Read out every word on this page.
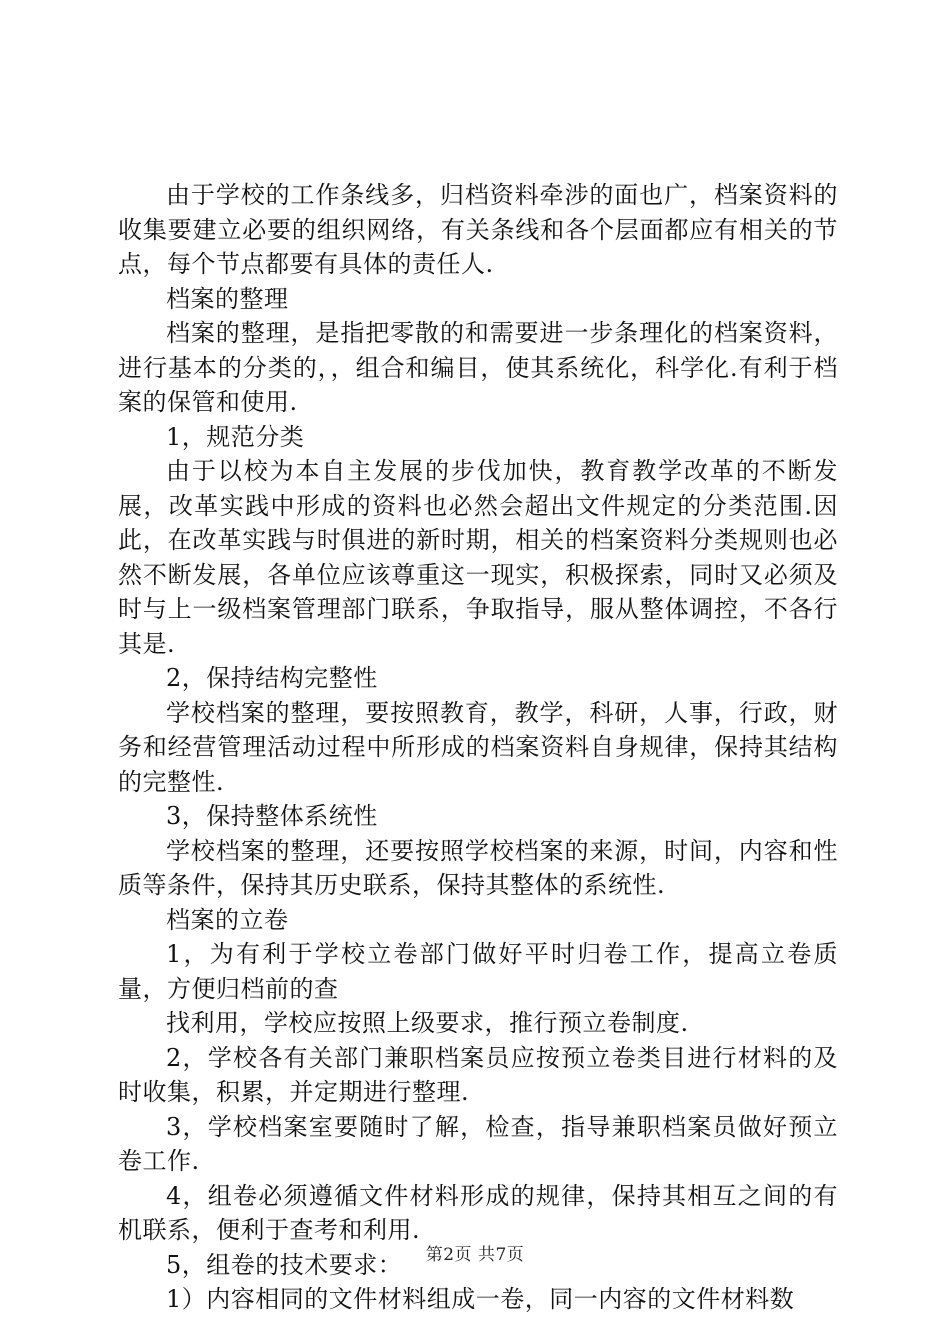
由于学校的工作条线多，归档资料牵涉的面也广，档案资料的收集要建立必要的组织网络，有关条线和各个层面都应有相关的节点，每个节点都要有具体的责任人.

档案的整理

档案的整理，是指把零散的和需要进一步条理化的档案资料，进行基本的分类的，，组合和编目，使其系统化，科学化.有利于档案的保管和使用.

1，规范分类

由于以校为本自主发展的步伐加快，教育教学改革的不断发展，改革实践中形成的资料也必然会超出文件规定的分类范围.因此，在改革实践与时俱进的新时期，相关的档案资料分类规则也必然不断发展，各单位应该尊重这一现实，积极探索，同时又必须及时与上一级档案管理部门联系，争取指导，服从整体调控，不各行其是.

2，保持结构完整性

学校档案的整理，要按照教育，教学，科研，人事，行政，财务和经营管理活动过程中所形成的档案资料自身规律，保持其结构的完整性.

3，保持整体系统性

学校档案的整理，还要按照学校档案的来源，时间，内容和性质等条件，保持其历史联系，保持其整体的系统性.

档案的立卷

1，为有利于学校立卷部门做好平时归卷工作，提高立卷质量，方便归档前的查

找利用，学校应按照上级要求，推行预立卷制度.

2，学校各有关部门兼职档案员应按预立卷类目进行材料的及时收集，积累，并定期进行整理.

3，学校档案室要随时了解，检查，指导兼职档案员做好预立卷工作.

4，组卷必须遵循文件材料形成的规律，保持其相互之间的有机联系，便利于查考和利用.

5，组卷的技术要求：

1）内容相同的文件材料组成一卷，同一内容的文件材料数

第2页 共7页
